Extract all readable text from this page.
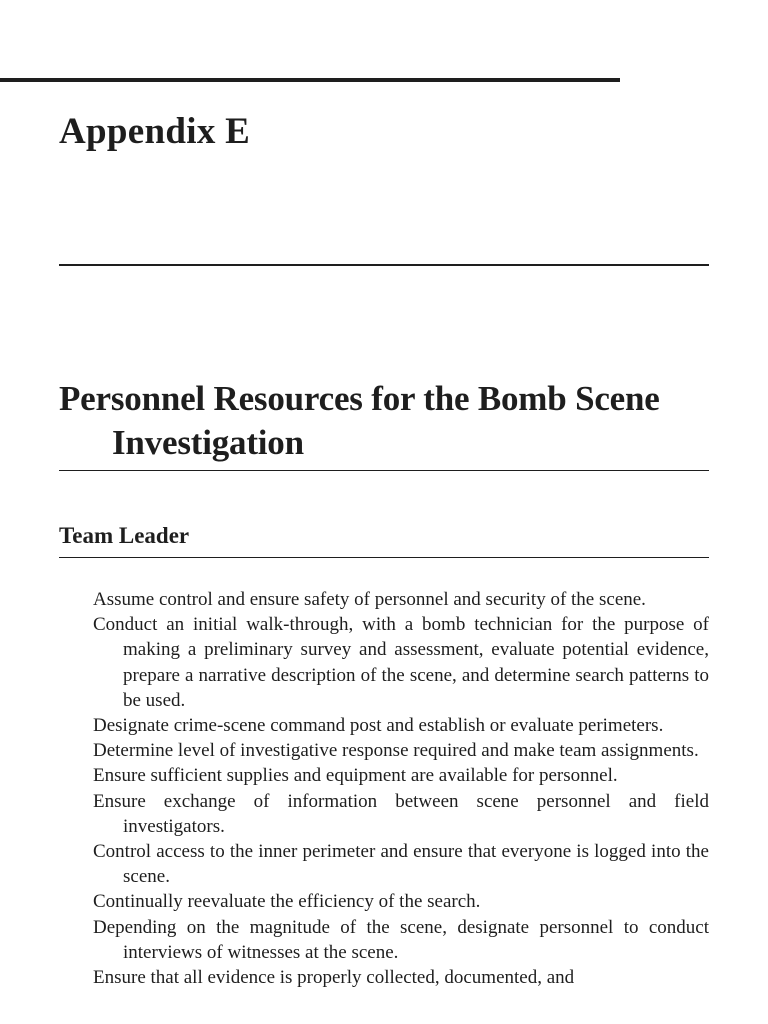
Appendix E
Personnel Resources for the Bomb Scene Investigation
Team Leader
Assume control and ensure safety of personnel and security of the scene.
Conduct an initial walk-through, with a bomb technician for the purpose of making a preliminary survey and assessment, evaluate potential evidence, prepare a narrative description of the scene, and determine search patterns to be used.
Designate crime-scene command post and establish or evaluate perimeters.
Determine level of investigative response required and make team assignments.
Ensure sufficient supplies and equipment are available for personnel.
Ensure exchange of information between scene personnel and field investigators.
Control access to the inner perimeter and ensure that everyone is logged into the scene.
Continually reevaluate the efficiency of the search.
Depending on the magnitude of the scene, designate personnel to conduct interviews of witnesses at the scene.
Ensure that all evidence is properly collected, documented, and
